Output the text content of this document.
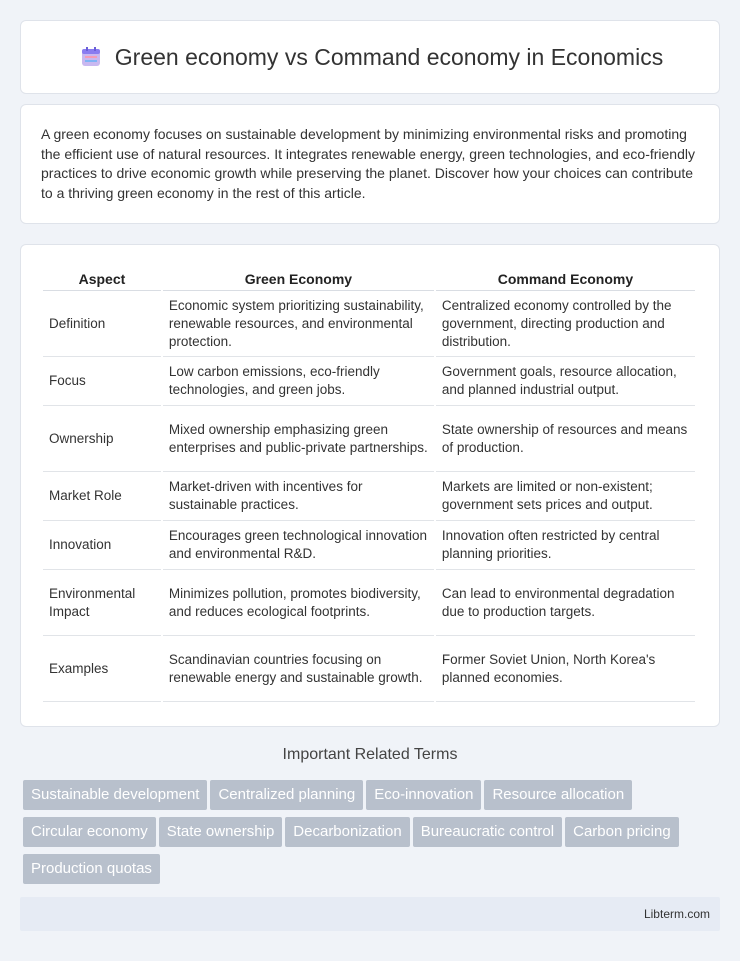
Green economy vs Command economy in Economics

A green economy focuses on sustainable development by minimizing environmental risks and promoting the efficient use of natural resources. It integrates renewable energy, green technologies, and eco-friendly practices to drive economic growth while preserving the planet. Discover how your choices can contribute to a thriving green economy in the rest of this article.

Aspect	Green Economy	Command Economy
Definition	Economic system prioritizing sustainability, renewable resources, and environmental protection.	Centralized economy controlled by the government, directing production and distribution.
Focus	Low carbon emissions, eco-friendly technologies, and green jobs.	Government goals, resource allocation, and planned industrial output.
Ownership	Mixed ownership emphasizing green enterprises and public-private partnerships.	State ownership of resources and means of production.
Market Role	Market-driven with incentives for sustainable practices.	Markets are limited or non-existent; government sets prices and output.
Innovation	Encourages green technological innovation and environmental R&D.	Innovation often restricted by central planning priorities.
Environmental Impact	Minimizes pollution, promotes biodiversity, and reduces ecological footprints.	Can lead to environmental degradation due to production targets.
Examples	Scandinavian countries focusing on renewable energy and sustainable growth.	Former Soviet Union, North Korea's planned economies.
Important Related Terms
Sustainable development Centralized planning Eco-innovation Resource allocationCircular economy State ownership Decarbonization Bureaucratic control Carbon pricingProduction quotas
Libterm.com
